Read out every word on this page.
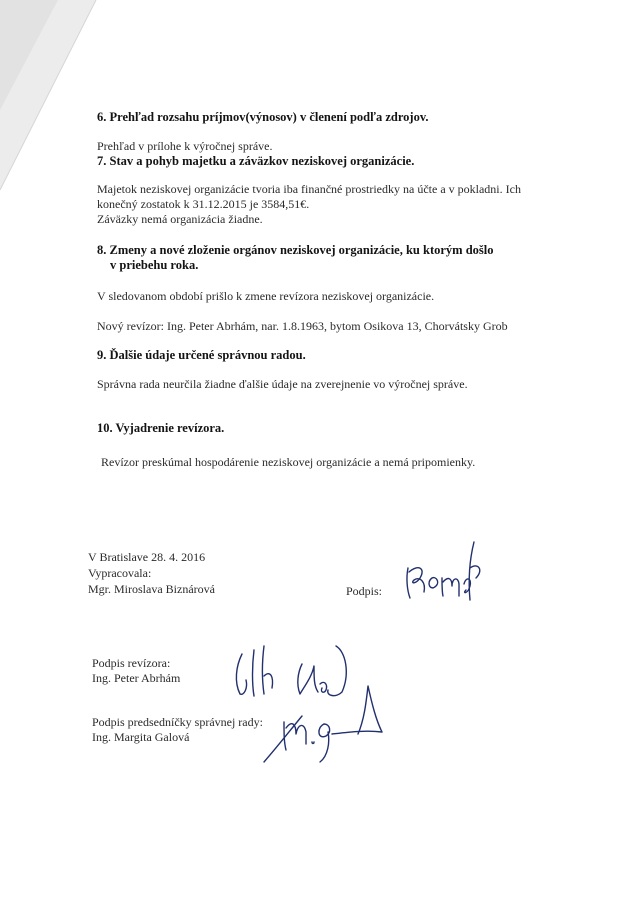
6. Prehľad rozsahu príjmov(výnosov) v členení podľa zdrojov.
Prehľad v prílohe k výročnej správe.
7. Stav a pohyb majetku a záväzkov neziskovej organizácie.
Majetok neziskovej organizácie tvoria iba finančné prostriedky na účte a v pokladni. Ich
konečný zostatok k 31.12.2015 je 3584,51€.
Záväzky nemá organizácia žiadne.
8. Zmeny a nové zloženie orgánov neziskovej organizácie, ku ktorým došlo
v priebehu roka.
V sledovanom období prišlo k zmene revízora neziskovej organizácie.
Nový revízor: Ing. Peter Abrhám, nar. 1.8.1963, bytom Osikova 13, Chorvátsky Grob
9. Ďalšie údaje určené správnou radou.
Správna rada neurčila žiadne ďalšie údaje na zverejnenie vo výročnej správe.
10. Vyjadrenie revízora.
Revízor preskúmal hospodárenie neziskovej organizácie a nemá pripomienky.
V Bratislave 28. 4. 2016
Vypracovala:
Mgr. Miroslava Biznárová	Podpis:
Podpis revízora:
Ing. Peter Abrhám
Podpis predsedníčky správnej rady:
Ing. Margita Galová
